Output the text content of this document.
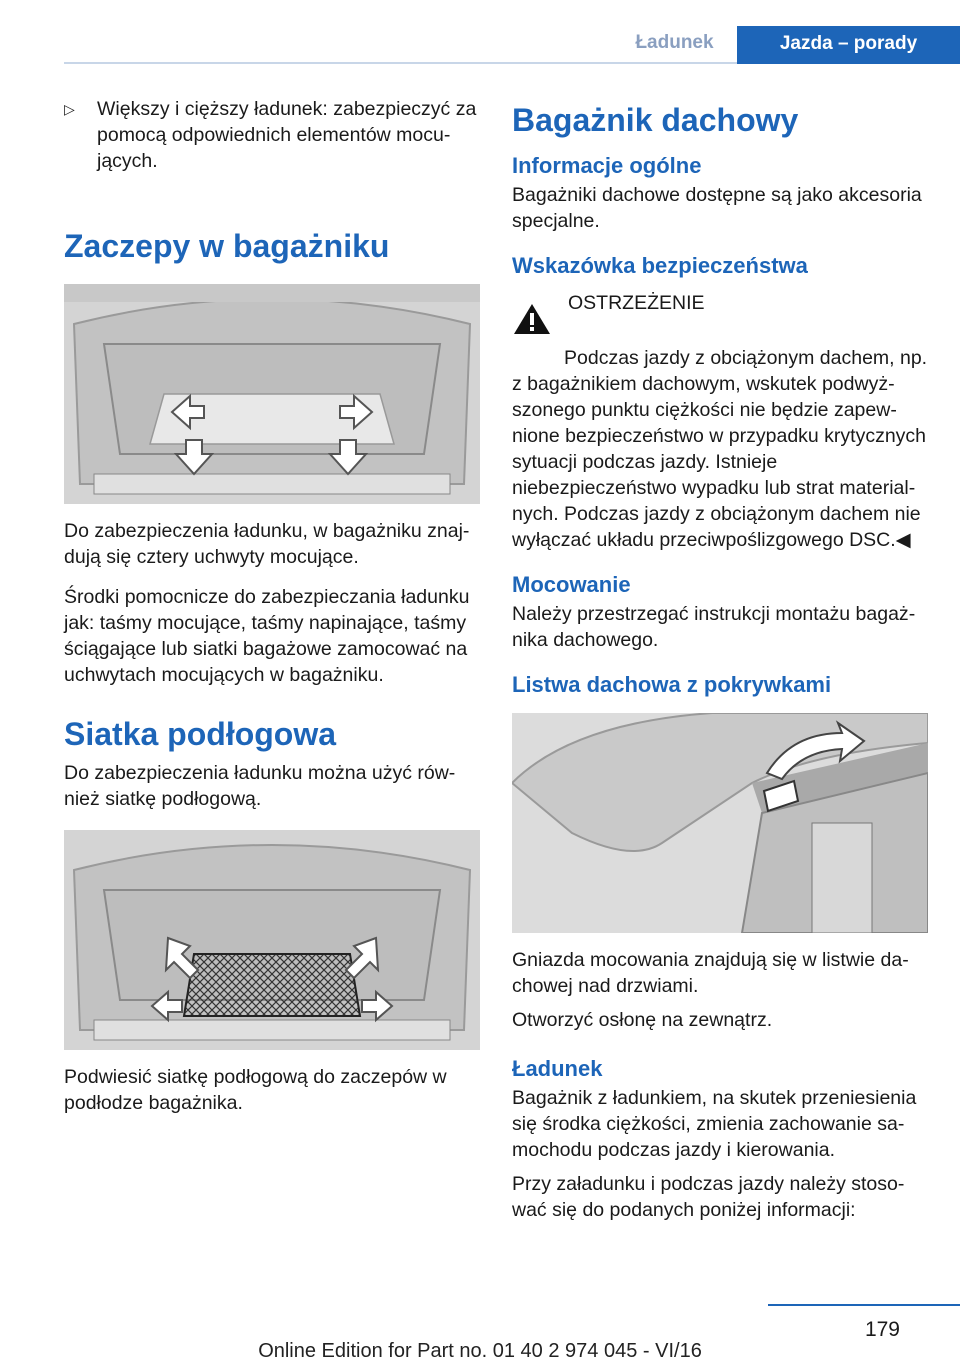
Ładunek	Jazda – porady
▷	Większy i cięższy ładunek: zabezpieczyć za pomocą odpowiednich elementów mocujących.

Zaczepy w bagażniku

Do zabezpieczenia ładunku, w bagażniku znajdują się cztery uchwyty mocujące.

Środki pomocnicze do zabezpieczania ładunku jak: taśmy mocujące, taśmy napinające, taśmy ściągające lub siatki bagażowe zamocować na uchwytach mocujących w bagażniku.

Siatka podłogowa

Do zabezpieczenia ładunku można użyć również siatkę podłogową.

Podwiesić siatkę podłogową do zaczepów w podłodze bagażnika.

Bagażnik dachowy
Informacje ogólne

Bagażniki dachowe dostępne są jako akcesoria specjalne.

Wskazówka bezpieczeństwa

OSTRZEŻENIE

Podczas jazdy z obciążonym dachem, np. z bagażnikiem dachowym, wskutek podwyższonego punktu ciężkości nie będzie zapewnione bezpieczeństwo w przypadku krytycznych sytuacji podczas jazdy. Istnieje niebezpieczeństwo wypadku lub strat materialnych. Podczas jazdy z obciążonym dachem nie wyłączać układu przeciwpoślizgowego DSC.◀

Mocowanie

Należy przestrzegać instrukcji montażu bagażnika dachowego.

Listwa dachowa z pokrywkami

Gniazda mocowania znajdują się w listwie dachowej nad drzwiami.

Otworzyć osłonę na zewnątrz.

Ładunek

Bagażnik z ładunkiem, na skutek przeniesienia się środka ciężkości, zmienia zachowanie samochodu podczas jazdy i kierowania.

Przy załadunku i podczas jazdy należy stosować się do podanych poniżej informacji:

179
Online Edition for Part no. 01 40 2 974 045 - VI/16
